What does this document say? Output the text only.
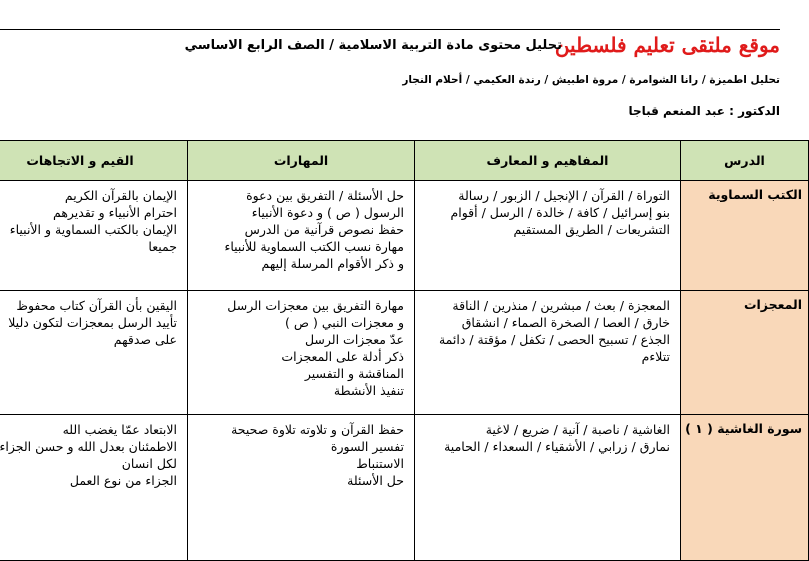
موقع ملتقى تعليم فلسطين
تحليل محتوى مادة التربية الاسلامية / الصف الرابع الاساسي
تحليل اطميزة / رانا الشوامرة / مروة اطبيش / رندة العكيمي / أحلام النجار
الدكتور : عبد المنعم قباجا
الدرس
المفاهيم و المعارف
المهارات
القيم و الاتجاهات
الكتب السماوية
التوراة / القرآن / الإنجيل / الزبور / رسالة
بنو إسرائيل / كافة / خالدة / الرسل / أقوام
التشريعات / الطريق المستقيم
حل الأسئلة / التفريق بين دعوة
الرسول ( ص ) و دعوة الأنبياء
حفظ نصوص قرآنية من الدرس
مهارة نسب الكتب السماوية للأنبياء
و ذكر الأقوام المرسلة إليهم
الإيمان بالقرآن الكريم
احترام الأنبياء و تقديرهم
الإيمان بالكتب السماوية و الأنبياء
جميعا
المعجزات
المعجزة / بعث / مبشرين / منذرين / الناقة
خارق / العصا / الصخرة الصماء / انشقاق
الجذع / تسبيح الحصى / تكفل / مؤقتة / دائمة
تتلاءم
مهارة التفريق بين معجزات الرسل
و معجزات النبي ( ص )
عدّ معجزات الرسل
ذكر أدلة على المعجزات
المناقشة و التفسير
تنفيذ الأنشطة
اليقين بأن القرآن كتاب محفوظ
تأييد الرسل بمعجزات لتكون دليلا
على صدقهم
سورة الغاشية ( ١ )
الغاشية / ناصبة / آنية / ضريع / لاغية
نمارق / زرابي / الأشقياء / السعداء / الحامية
حفظ القرآن و تلاوته تلاوة صحيحة
تفسير السورة
الاستنباط
حل الأسئلة
الابتعاد عمّا يغضب الله
الاطمئنان بعدل الله و حسن الجزاء
لكل انسان
الجزاء من نوع العمل
